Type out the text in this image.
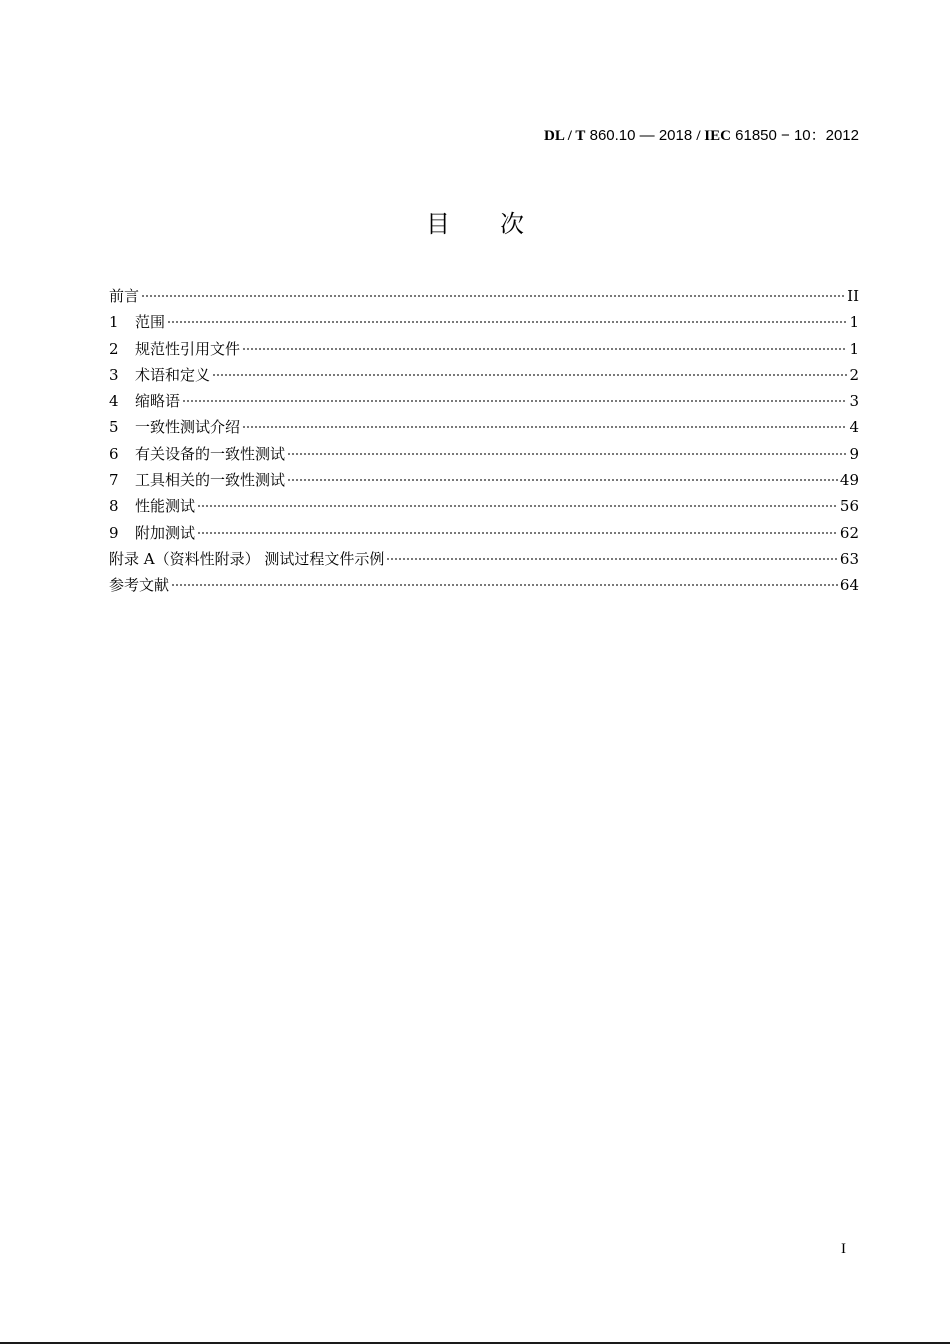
DL / T 860.10 — 2018 / IEC 61850 − 10：2012
目 次
前言	II
1	范围	1
2	规范性引用文件	1
3	术语和定义	2
4	缩略语	3
5	一致性测试介绍	4
6	有关设备的一致性测试	9
7	工具相关的一致性测试	49
8	性能测试	56
9	附加测试	62
附录 A（资料性附录） 测试过程文件示例	63
参考文献	64
I
